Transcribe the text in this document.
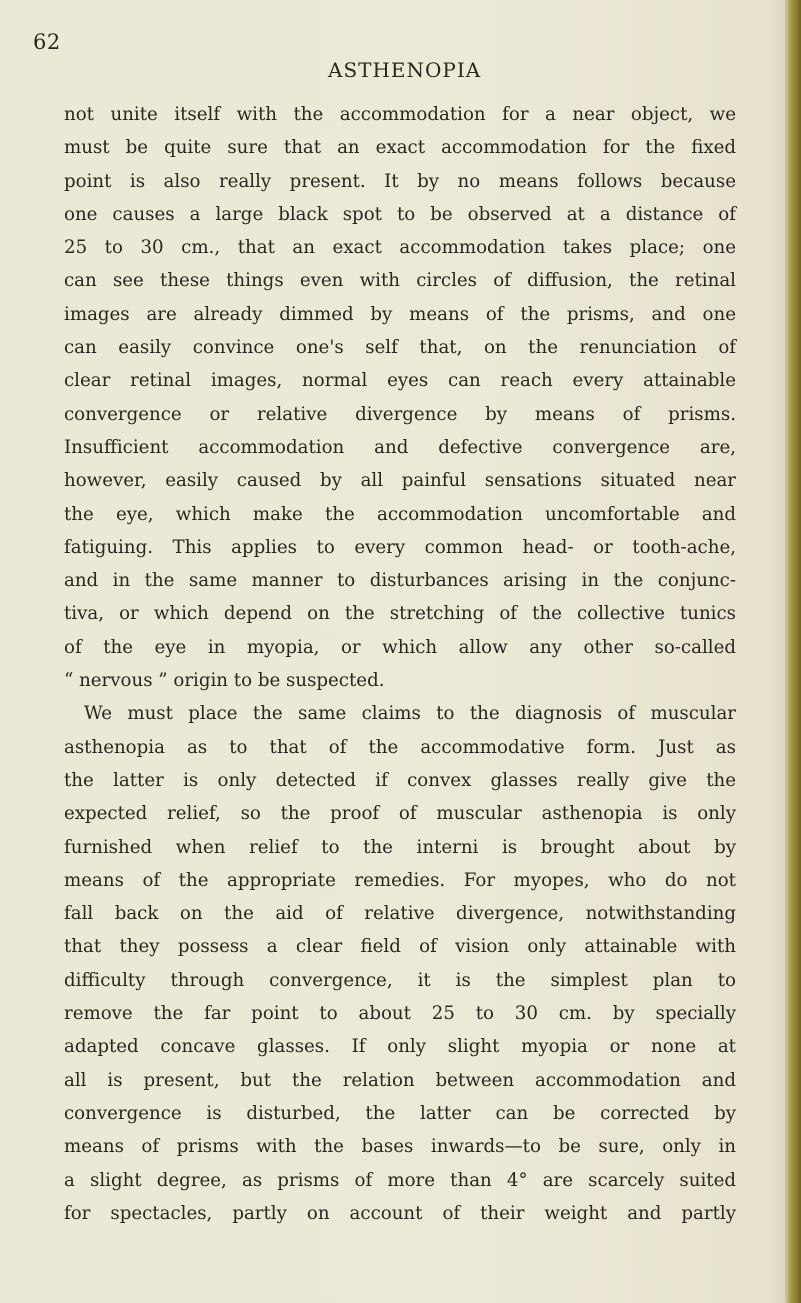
62
ASTHENOPIA
not unite itself with the accommodation for a near object, we
must be quite sure that an exact accommodation for the fixed
point is also really present. It by no means follows because
one causes a large black spot to be observed at a distance of
25 to 30 cm., that an exact accommodation takes place; one
can see these things even with circles of diffusion, the retinal
images are already dimmed by means of the prisms, and one
can easily convince one's self that, on the renunciation of
clear retinal images, normal eyes can reach every attainable
convergence or relative divergence by means of prisms.
Insufficient accommodation and defective convergence are,
however, easily caused by all painful sensations situated near
the eye, which make the accommodation uncomfortable and
fatiguing. This applies to every common head- or tooth-ache,
and in the same manner to disturbances arising in the conjunc-
tiva, or which depend on the stretching of the collective tunics
of the eye in myopia, or which allow any other so-called
“ nervous ” origin to be suspected.
We must place the same claims to the diagnosis of muscular
asthenopia as to that of the accommodative form. Just as
the latter is only detected if convex glasses really give the
expected relief, so the proof of muscular asthenopia is only
furnished when relief to the interni is brought about by
means of the appropriate remedies. For myopes, who do not
fall back on the aid of relative divergence, notwithstanding
that they possess a clear field of vision only attainable with
difficulty through convergence, it is the simplest plan to
remove the far point to about 25 to 30 cm. by specially
adapted concave glasses. If only slight myopia or none at
all is present, but the relation between accommodation and
convergence is disturbed, the latter can be corrected by
means of prisms with the bases inwards—to be sure, only in
a slight degree, as prisms of more than 4° are scarcely suited
for spectacles, partly on account of their weight and partly
